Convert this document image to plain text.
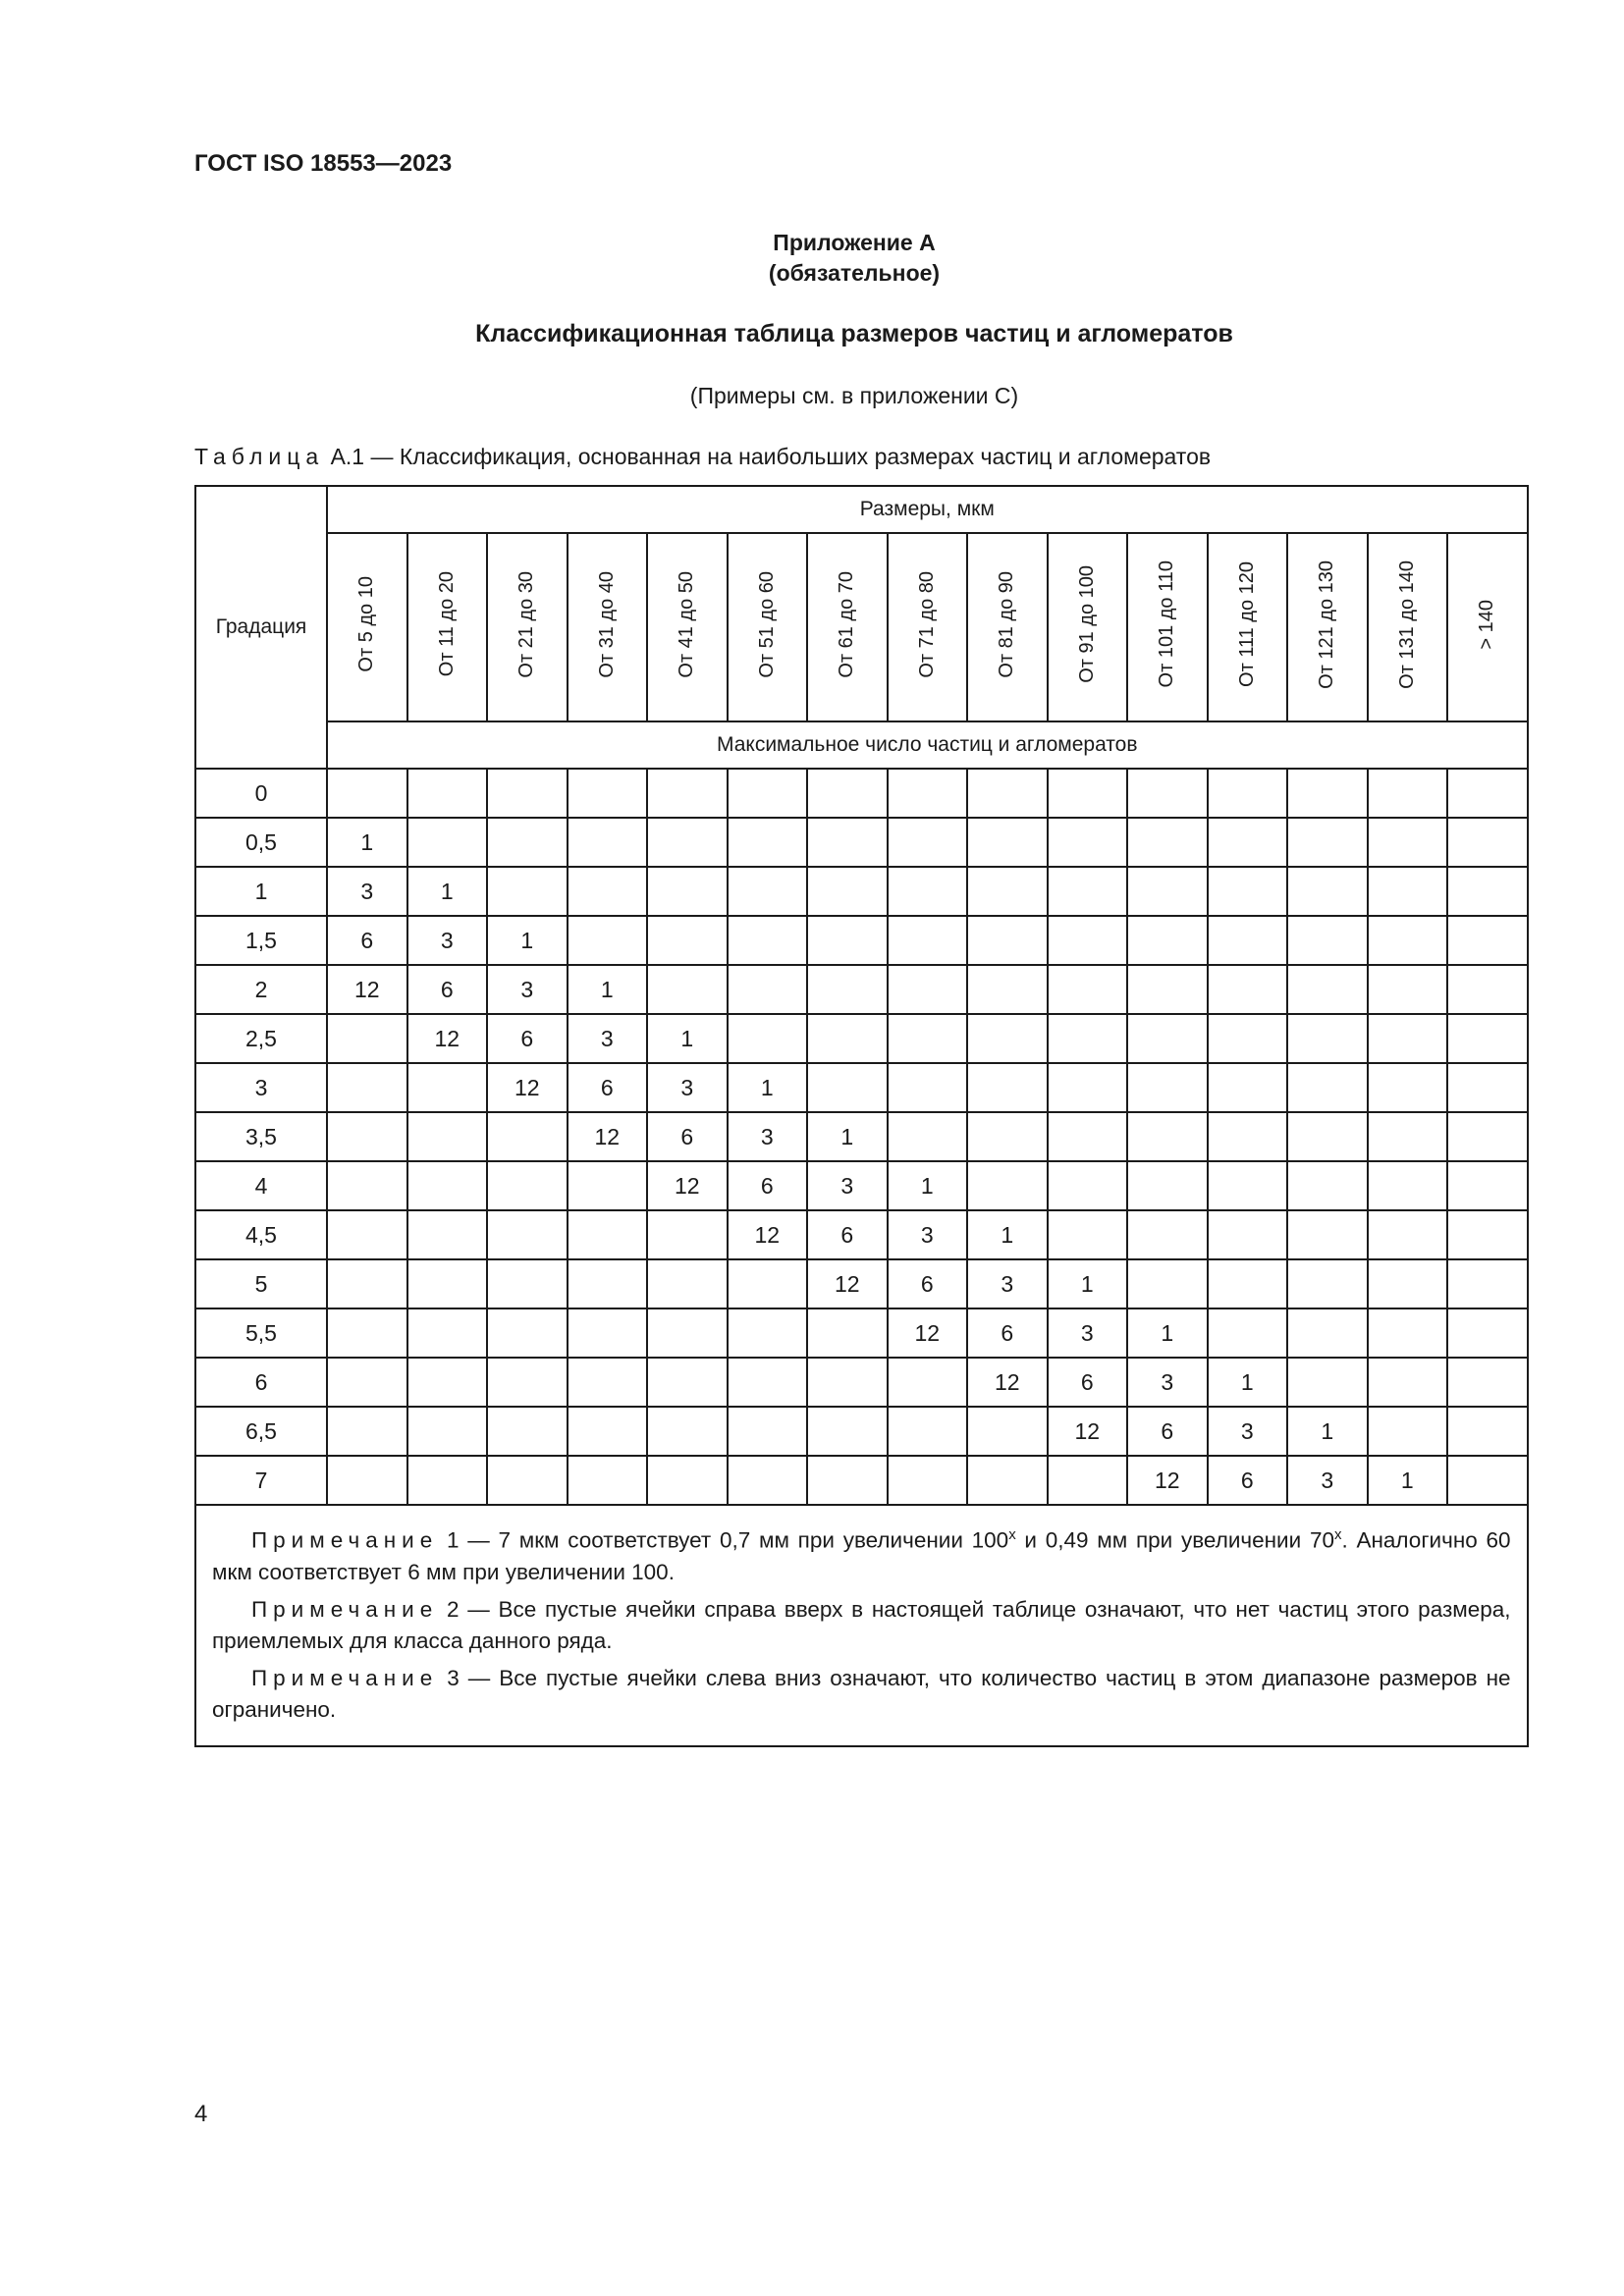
ГОСТ ISO 18553—2023
Приложение А
(обязательное)
Классификационная таблица размеров частиц и агломератов
(Примеры см. в приложении С)
Таблица А.1 — Классификация, основанная на наибольших размерах частиц и агломератов
Градация	Размеры, мкм														
	От 5 до 10	От 11 до 20	От 21 до 30	От 31 до 40	От 41 до 50	От 51 до 60	От 61 до 70	От 71 до 80	От 81 до 90	От 91 до 100	От 101 до 110	От 111 до 120	От 121 до 130	От 131 до 140	> 140
	Максимальное число частиц и агломератов														
0															
0,5	1														
1	3	1													
1,5	6	3	1												
2	12	6	3	1											
2,5		12	6	3	1										
3			12	6	3	1									
3,5				12	6	3	1								
4					12	6	3	1							
4,5						12	6	3	1						
5							12	6	3	1					
5,5								12	6	3	1				
6									12	6	3	1			
6,5										12	6	3	1		
7											12	6	3	1	

Примечание 1 — 7 мкм соответствует 0,7 мм при увеличении $100^х$ и 0,49 мм при увеличении $70^х$. Аналогично 60 мкм соответствует 6 мм при увеличении 100.
Примечание 2 — Все пустые ячейки справа вверх в настоящей таблице означают, что нет частиц этого размера, приемлемых для класса данного ряда.
Примечание 3 — Все пустые ячейки слева вниз означают, что количество частиц в этом диапазоне размеров не ограничено.															
4
